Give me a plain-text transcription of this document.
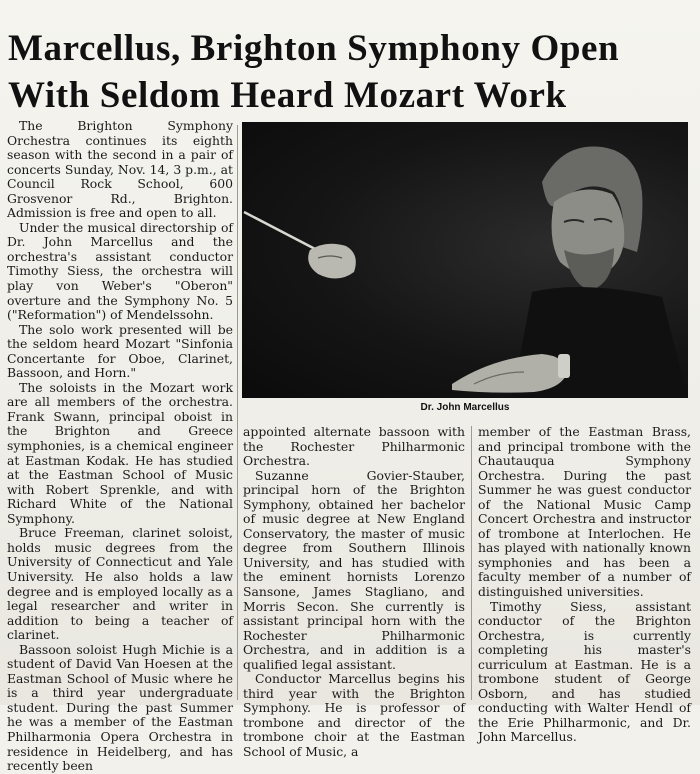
Marcellus, Brighton Symphony Open
With Seldom Heard Mozart Work

The Brighton Symphony Orchestra continues its eighth season with the second in a pair of concerts Sunday, Nov. 14, 3 p.m., at Council Rock School, 600 Grosvenor Rd., Brighton. Admission is free and open to all.

Under the musical directorship of Dr. John Marcellus and the orchestra's assistant conductor Timothy Siess, the orchestra will play von Weber's "Oberon" overture and the Symphony No. 5 ("Reformation") of Mendelssohn.

The solo work presented will be the seldom heard Mozart "Sinfonia Concertante for Oboe, Clarinet, Bassoon, and Horn."

The soloists in the Mozart work are all members of the orchestra. Frank Swann, principal oboist in the Brighton and Greece symphonies, is a chemical engineer at Eastman Kodak. He has studied at the Eastman School of Music with Robert Sprenkle, and with Richard White of the National Symphony.

Bruce Freeman, clarinet soloist, holds music degrees from the University of Connecticut and Yale University. He also holds a law degree and is employed locally as a legal researcher and writer in addition to being a teacher of clarinet.

Bassoon soloist Hugh Michie is a student of David Van Hoesen at the Eastman School of Music where he is a third year undergraduate student. During the past Summer he was a member of the Eastman Philharmonia Opera Orchestra in residence in Heidelberg, and has recently been

Dr. John Marcellus

appointed alternate bassoon with the Rochester Philharmonic Orchestra.

Suzanne Govier-Stauber, principal horn of the Brighton Symphony, obtained her bachelor of music degree at New England Conservatory, the master of music degree from Southern Illinois University, and has studied with the eminent hornists Lorenzo Sansone, James Stagliano, and Morris Secon. She currently is assistant principal horn with the Rochester Philharmonic Orchestra, and in addition is a qualified legal assistant.

Conductor Marcellus begins his third year with the Brighton Symphony. He is professor of trombone and director of the trombone choir at the Eastman School of Music, a

member of the Eastman Brass, and principal trombone with the Chautauqua Symphony Orchestra. During the past Summer he was guest conductor of the National Music Camp Concert Orchestra and instructor of trombone at Interlochen. He has played with nationally known symphonies and has been a faculty member of a number of distinguished universities.

Timothy Siess, assistant conductor of the Brighton Orchestra, is currently completing his master's curriculum at Eastman. He is a trombone student of George Osborn, and has studied conducting with Walter Hendl of the Erie Philharmonic, and Dr. John Marcellus.
